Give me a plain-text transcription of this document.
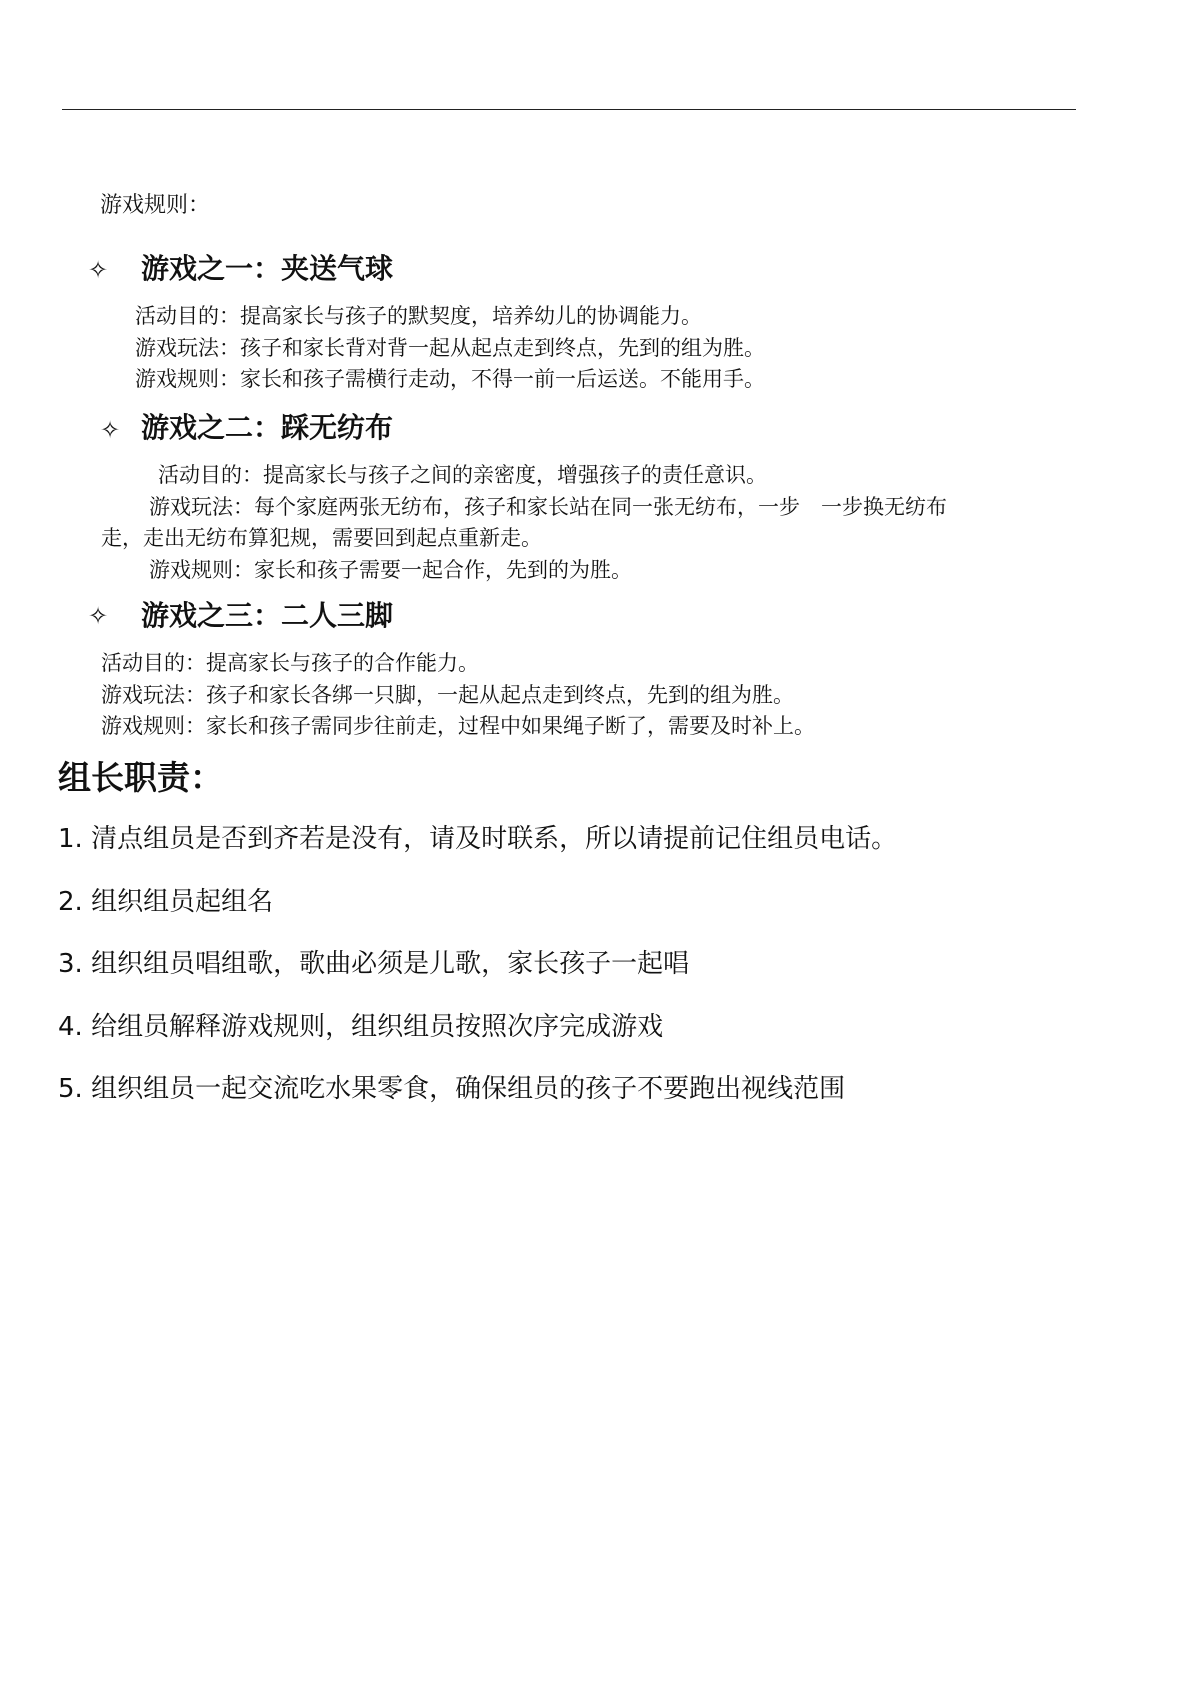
游戏规则：
✧ 游戏之一：夹送气球
活动目的：提高家长与孩子的默契度，培养幼儿的协调能力。
游戏玩法：孩子和家长背对背一起从起点走到终点，先到的组为胜。
游戏规则：家长和孩子需横行走动，不得一前一后运送。不能用手。
✧ 游戏之二：踩无纺布
活动目的：提高家长与孩子之间的亲密度，增强孩子的责任意识。
游戏玩法：每个家庭两张无纺布，孩子和家长站在同一张无纺布，一步　一步换无纺布
走，走出无纺布算犯规，需要回到起点重新走。
游戏规则：家长和孩子需要一起合作，先到的为胜。
✧ 游戏之三：二人三脚
活动目的：提高家长与孩子的合作能力。
游戏玩法：孩子和家长各绑一只脚，一起从起点走到终点，先到的组为胜。
游戏规则：家长和孩子需同步往前走，过程中如果绳子断了，需要及时补上。
组长职责：
1. 清点组员是否到齐若是没有，请及时联系，所以请提前记住组员电话。
2. 组织组员起组名
3. 组织组员唱组歌，歌曲必须是儿歌，家长孩子一起唱
4. 给组员解释游戏规则，组织组员按照次序完成游戏
5. 组织组员一起交流吃水果零食，确保组员的孩子不要跑出视线范围
